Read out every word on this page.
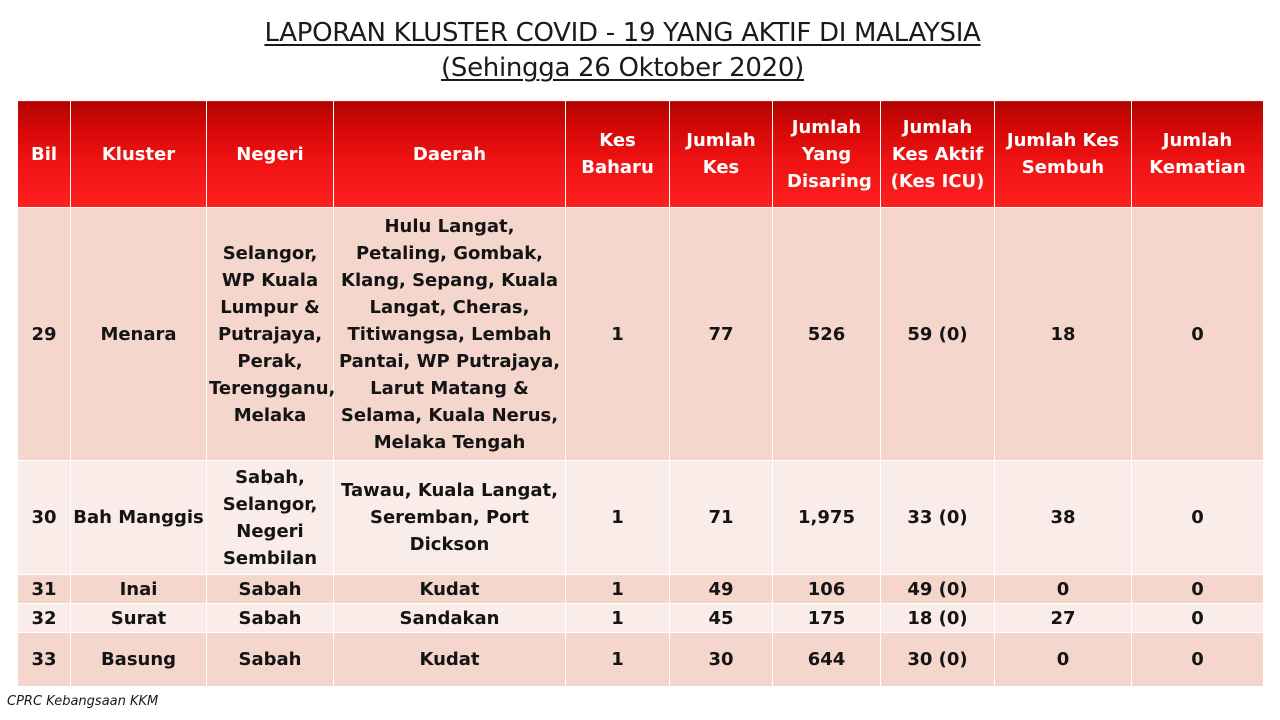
LAPORAN KLUSTER COVID - 19 YANG AKTIF DI MALAYSIA
(Sehingga 26 Oktober 2020)
Bil	Kluster	Negeri	Daerah	Kes Baharu	Jumlah Kes	Jumlah Yang Disaring	Jumlah Kes Aktif (Kes ICU)	Jumlah Kes Sembuh	Jumlah Kematian
29	Menara	Selangor, WP Kuala Lumpur & Putrajaya, Perak, Terengganu, Melaka	Hulu Langat, Petaling, Gombak, Klang, Sepang, Kuala Langat, Cheras, Titiwangsa, Lembah Pantai, WP Putrajaya, Larut Matang & Selama, Kuala Nerus, Melaka Tengah	1	77	526	59 (0)	18	0
30	Bah Manggis	Sabah, Selangor, Negeri Sembilan	Tawau, Kuala Langat, Seremban, Port Dickson	1	71	1,975	33 (0)	38	0
31	Inai	Sabah	Kudat	1	49	106	49 (0)	0	0
32	Surat	Sabah	Sandakan	1	45	175	18 (0)	27	0
33	Basung	Sabah	Kudat	1	30	644	30 (0)	0	0
CPRC Kebangsaan KKM
